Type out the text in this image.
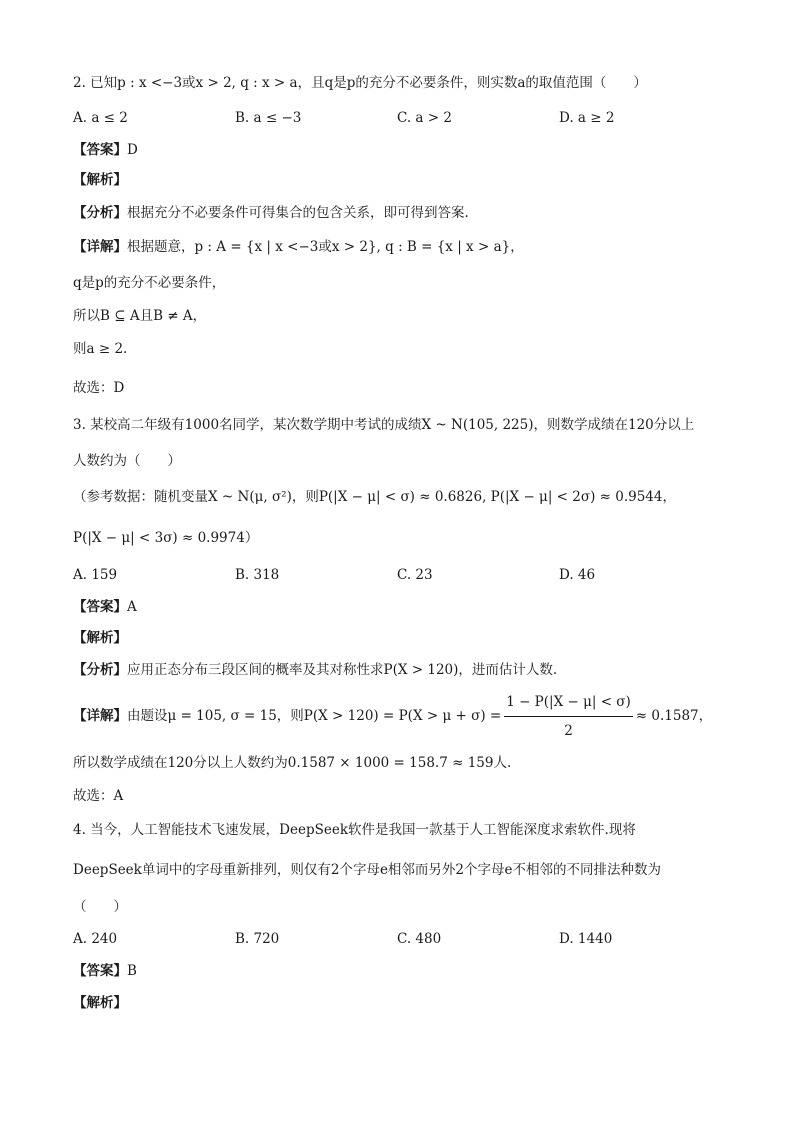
2. 已知p : x <−3或x > 2, q : x > a，且q是p的充分不必要条件，则实数a的取值范围（　　）
A. a ≤ 2	B. a ≤ −3	C. a > 2	D. a ≥ 2
【答案】D
【解析】
【分析】根据充分不必要条件可得集合的包含关系，即可得到答案.
【详解】根据题意，p : A = {x | x <−3或x > 2}, q : B = {x | x > a}，
q是p的充分不必要条件，
所以B ⊆ A且B ≠ A，
则a ≥ 2.
故选：D
3. 某校高二年级有1000名同学，某次数学期中考试的成绩X ~ N(105, 225)，则数学成绩在120分以上
人数约为（　　）
（参考数据：随机变量X ~ N(μ, σ²)，则P(|X − μ| < σ) ≈ 0.6826, P(|X − μ| < 2σ) ≈ 0.9544，
P(|X − μ| < 3σ) ≈ 0.9974）
A. 159	B. 318	C. 23	D. 46
【答案】A
【解析】
【分析】应用正态分布三段区间的概率及其对称性求P(X > 120)，进而估计人数.
【详解】由题设μ = 105, σ = 15，则$P(X > 120) = P(X > \mu + \sigma) = \frac{1 - P(|X - \mu| < \sigma)}{2} \approx 0.1587$，
所以数学成绩在120分以上人数约为0.1587 × 1000 = 158.7 ≈ 159人.
故选：A
4. 当今，人工智能技术飞速发展，DeepSeek软件是我国一款基于人工智能深度求索软件.现将
DeepSeek单词中的字母重新排列，则仅有2个字母e相邻而另外2个字母e不相邻的不同排法种数为
（　　）
A. 240	B. 720	C. 480	D. 1440
【答案】B
【解析】
